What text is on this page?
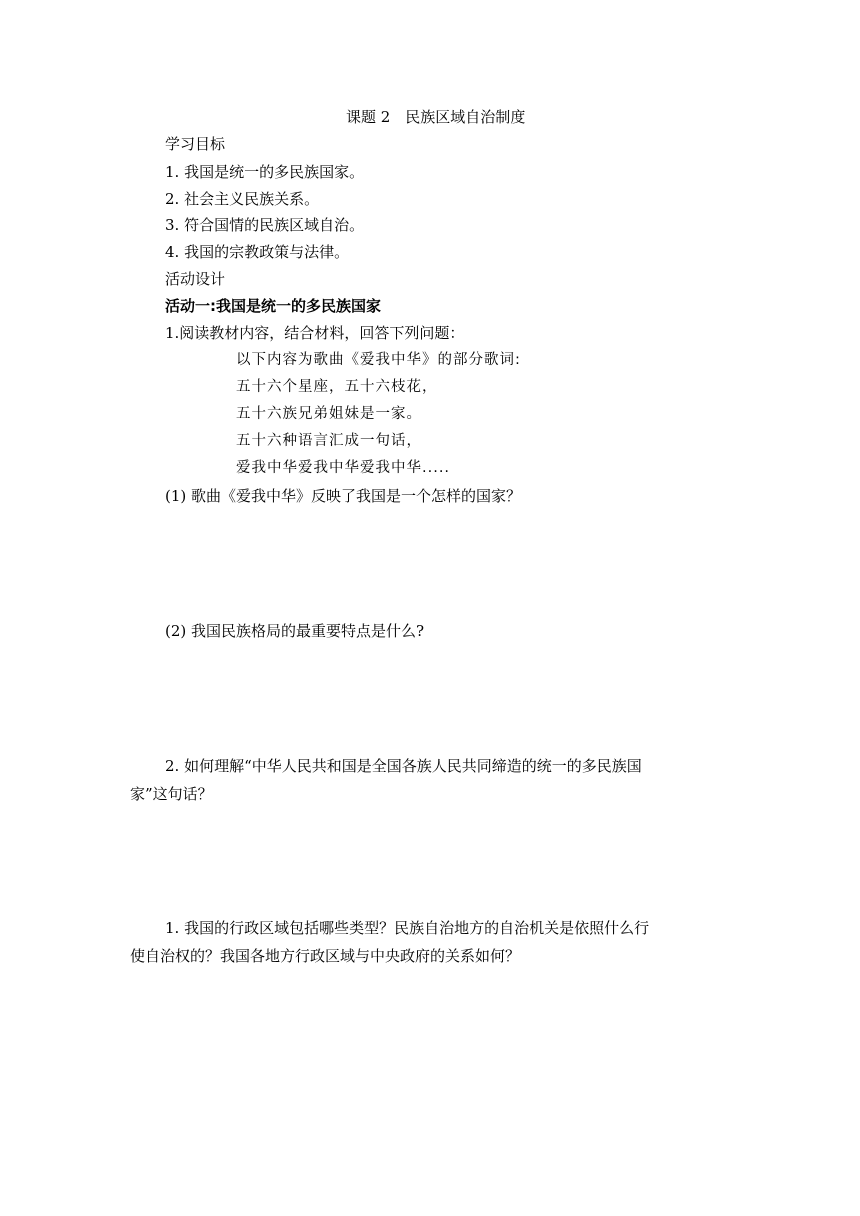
课题 2　民族区域自治制度
学习目标
1. 我国是统一的多民族国家。
2. 社会主义民族关系。
3. 符合国情的民族区域自治。
4. 我国的宗教政策与法律。
活动设计
活动一:我国是统一的多民族国家
1.阅读教材内容，结合材料，回答下列问题：
以下内容为歌曲《爱我中华》的部分歌词:
五十六个星座，五十六枝花，
五十六族兄弟姐妹是一家。
五十六种语言汇成一句话，
爱我中华爱我中华爱我中华.....
(1) 歌曲《爱我中华》反映了我国是一个怎样的国家？
(2) 我国民族格局的最重要特点是什么?
2. 如何理解“中华人民共和国是全国各族人民共同缔造的统一的多民族国
家”这句话？
1. 我国的行政区域包括哪些类型？民族自治地方的自治机关是依照什么行
使自治权的？我国各地方行政区域与中央政府的关系如何？
